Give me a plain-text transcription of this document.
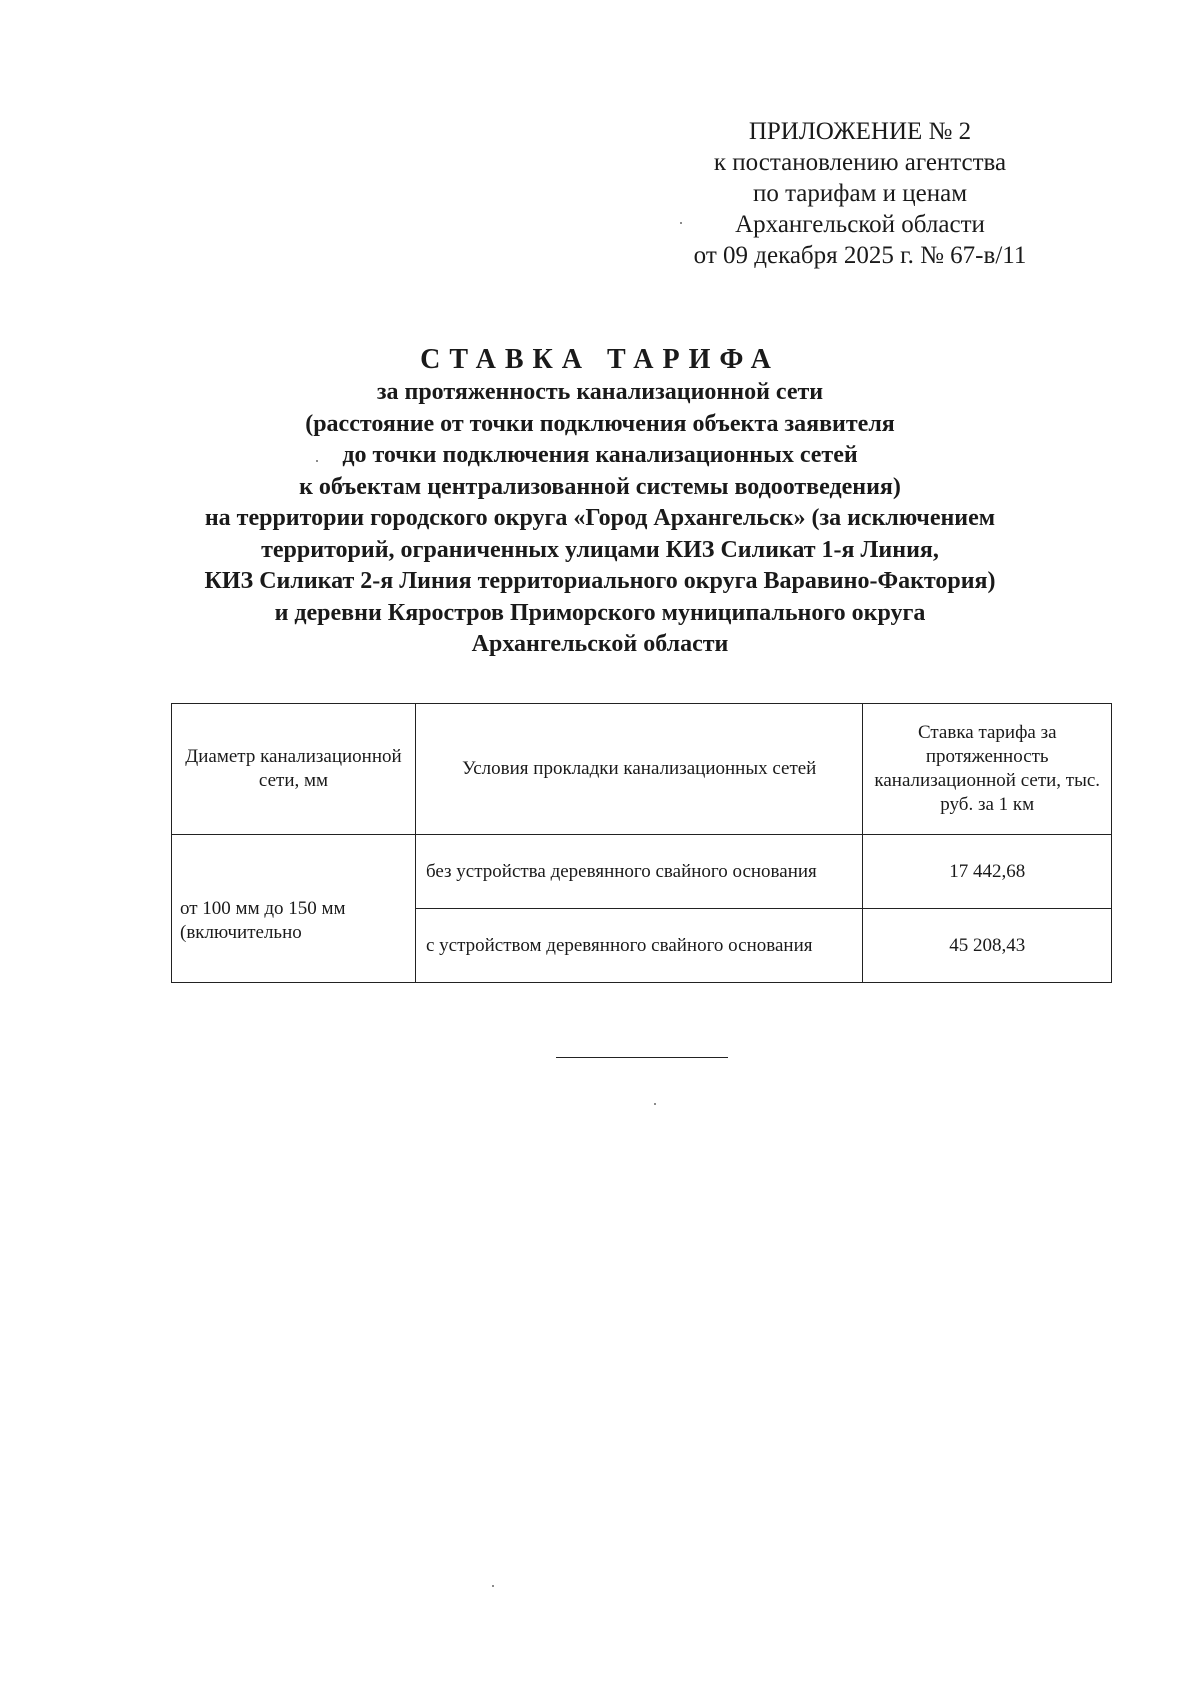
ПРИЛОЖЕНИЕ № 2
к постановлению агентства
по тарифам и ценам
Архангельской области
от 09 декабря 2025 г. № 67-в/11
СТАВКА ТАРИФА
за протяженность канализационной сети
(расстояние от точки подключения объекта заявителя
до точки подключения канализационных сетей
к объектам централизованной системы водоотведения)
на территории городского округа «Город Архангельск» (за исключением
территорий, ограниченных улицами КИЗ Силикат 1-я Линия,
КИЗ Силикат 2-я Линия территориального округа Варавино-Фактория)
и деревни Кяростров Приморского муниципального округа
Архангельской области
Диаметр канализационной сети, мм	Условия прокладки канализационных сетей	Ставка тарифа за протяженность канализационной сети, тыс. руб. за 1 км
от 100 мм до 150 мм (включительно	без устройства деревянного свайного основания	17 442,68
	с устройством деревянного свайного основания	45 208,43
